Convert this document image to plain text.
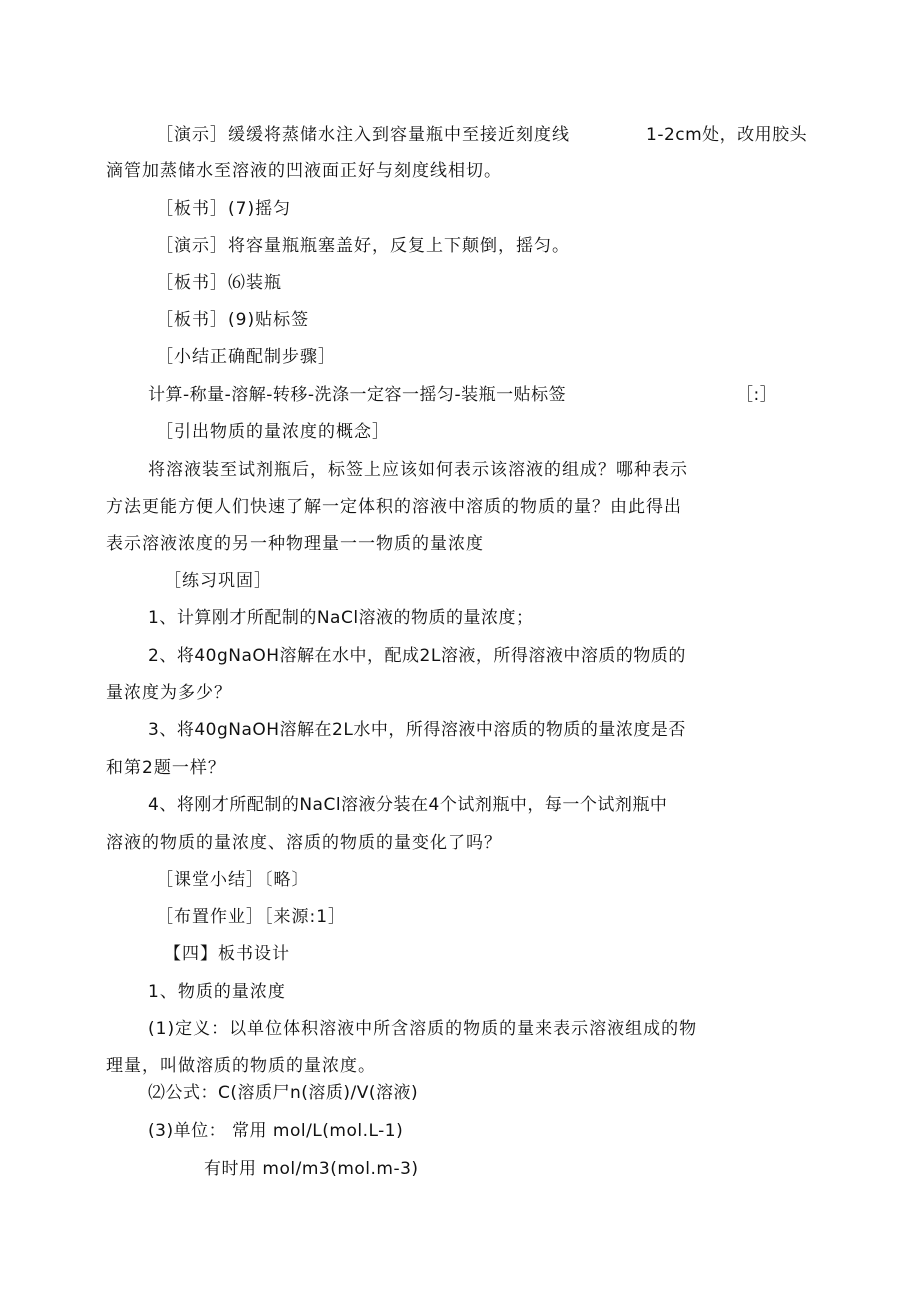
［演示］缓缓将蒸储水注入到容量瓶中至接近刻度线	1-2cm处，改用胶头
滴管加蒸储水至溶液的凹液面正好与刻度线相切。
［板书］(7)摇匀
［演示］将容量瓶瓶塞盖好，反复上下颠倒，摇匀。
［板书］⑹装瓶
［板书］(9)贴标签
［小结正确配制步骤］
计算-称量-溶解-转移-洗涤一定容一摇匀-装瓶一贴标签	［:］
［引出物质的量浓度的概念］
将溶液装至试剂瓶后，标签上应该如何表示该溶液的组成？哪种表示
方法更能方便人们快速了解一定体积的溶液中溶质的物质的量？由此得出
表示溶液浓度的另一种物理量一一物质的量浓度
［练习巩固］
1、计算刚才所配制的NaCl溶液的物质的量浓度；
2、将40gNaOH溶解在水中，配成2L溶液，所得溶液中溶质的物质的
量浓度为多少？
3、将40gNaOH溶解在2L水中，所得溶液中溶质的物质的量浓度是否
和第2题一样？
4、将刚才所配制的NaCl溶液分装在4个试剂瓶中，每一个试剂瓶中
溶液的物质的量浓度、溶质的物质的量变化了吗？
［课堂小结］〔略〕
［布置作业］［来源:1］
【四】板书设计
1、物质的量浓度
(1)定义：以单位体积溶液中所含溶质的物质的量来表示溶液组成的物
理量，叫做溶质的物质的量浓度。
⑵公式：C(溶质尸n(溶质)/V(溶液)
(3)单位： 常用 mol/L(mol.L-1)
有时用 mol/m3(mol.m-3)
